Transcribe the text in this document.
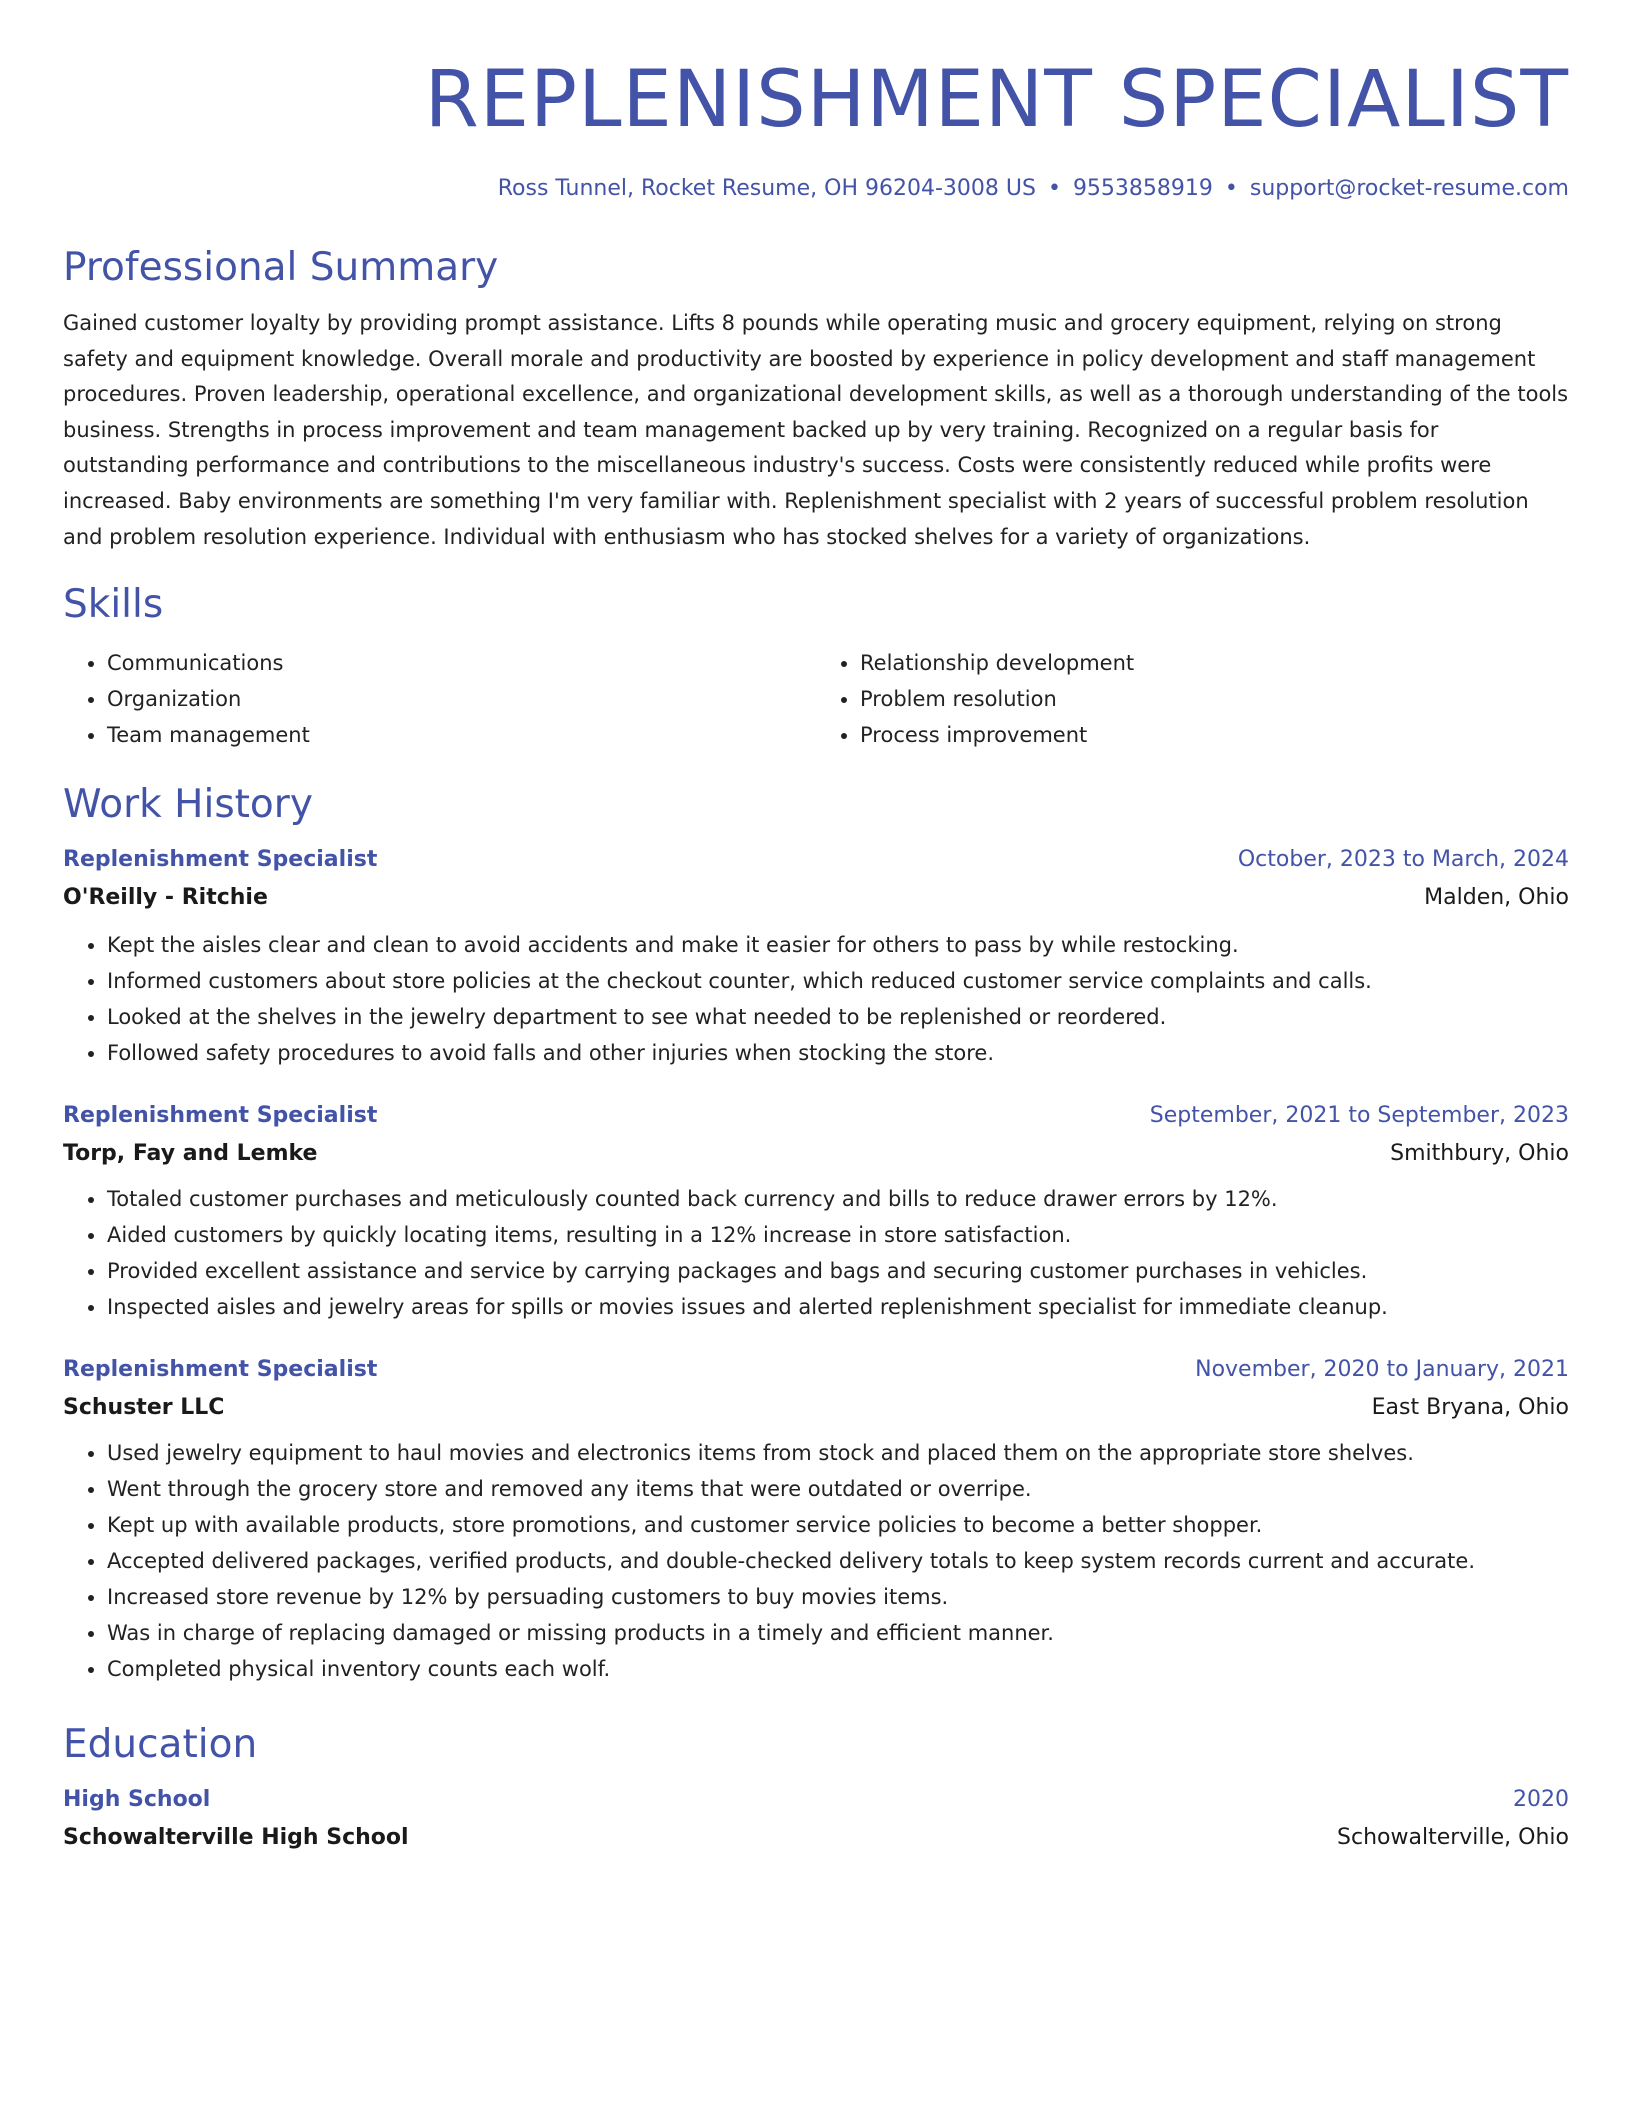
REPLENISHMENT SPECIALIST
Ross Tunnel, Rocket Resume, OH 96204-3008 US • 9553858919 • support@rocket-resume.com
Professional Summary
Gained customer loyalty by providing prompt assistance. Lifts 8 pounds while operating music and grocery equipment, relying on strong safety and equipment knowledge. Overall morale and productivity are boosted by experience in policy development and staff management procedures. Proven leadership, operational excellence, and organizational development skills, as well as a thorough understanding of the tools business. Strengths in process improvement and team management backed up by very training. Recognized on a regular basis for outstanding performance and contributions to the miscellaneous industry's success. Costs were consistently reduced while profits were increased. Baby environments are something I'm very familiar with. Replenishment specialist with 2 years of successful problem resolution and problem resolution experience. Individual with enthusiasm who has stocked shelves for a variety of organizations.
Skills
• Communications
• Organization
• Team management
• Relationship development
• Problem resolution
• Process improvement
Work History
Replenishment Specialist	October, 2023 to March, 2024
O'Reilly - Ritchie	Malden, Ohio
• Kept the aisles clear and clean to avoid accidents and make it easier for others to pass by while restocking.
• Informed customers about store policies at the checkout counter, which reduced customer service complaints and calls.
• Looked at the shelves in the jewelry department to see what needed to be replenished or reordered.
• Followed safety procedures to avoid falls and other injuries when stocking the store.
Replenishment Specialist	September, 2021 to September, 2023
Torp, Fay and Lemke	Smithbury, Ohio
• Totaled customer purchases and meticulously counted back currency and bills to reduce drawer errors by 12%.
• Aided customers by quickly locating items, resulting in a 12% increase in store satisfaction.
• Provided excellent assistance and service by carrying packages and bags and securing customer purchases in vehicles.
• Inspected aisles and jewelry areas for spills or movies issues and alerted replenishment specialist for immediate cleanup.
Replenishment Specialist	November, 2020 to January, 2021
Schuster LLC	East Bryana, Ohio
• Used jewelry equipment to haul movies and electronics items from stock and placed them on the appropriate store shelves.
• Went through the grocery store and removed any items that were outdated or overripe.
• Kept up with available products, store promotions, and customer service policies to become a better shopper.
• Accepted delivered packages, verified products, and double-checked delivery totals to keep system records current and accurate.
• Increased store revenue by 12% by persuading customers to buy movies items.
• Was in charge of replacing damaged or missing products in a timely and efficient manner.
• Completed physical inventory counts each wolf.
Education
High School	2020
Schowalterville High School	Schowalterville, Ohio
